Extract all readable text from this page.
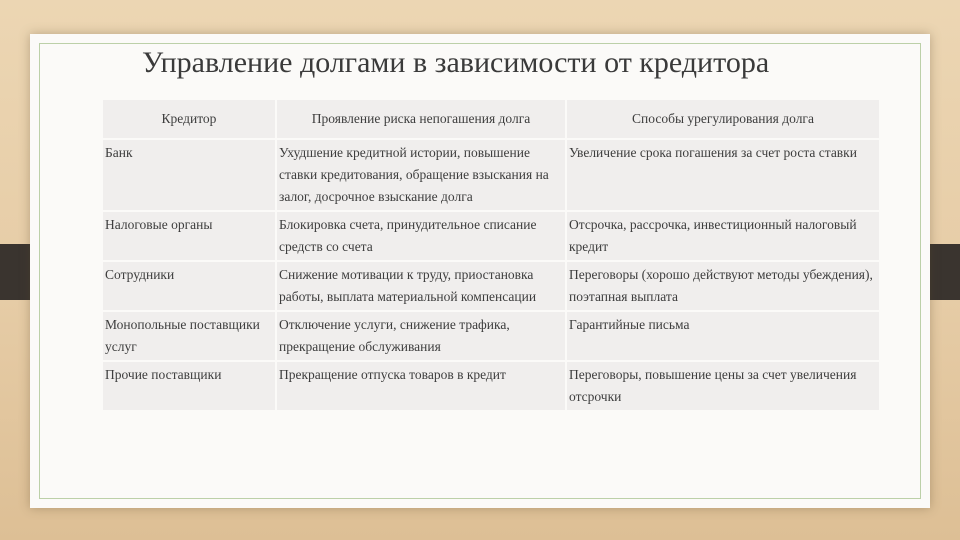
Управление долгами в зависимости от кредитора
Кредитор	Проявление риска непогашения долга	Способы урегулирования долга
Банк	Ухудшение кредитной истории, повышение ставки кредитования, обращение взыскания на залог, досрочное взыскание долга	Увеличение срока погашения за счет роста ставки
Налоговые органы	Блокировка счета, принудительное списание средств со счета	Отсрочка, рассрочка, инвестиционный налоговый кредит
Сотрудники	Снижение мотивации к труду, приостановка работы, выплата материальной компенсации	Переговоры (хорошо действуют методы убеждения), поэтапная выплата
Монопольные поставщики услуг	Отключение услуги, снижение трафика, прекращение обслуживания	Гарантийные письма
Прочие поставщики	Прекращение отпуска товаров в кредит	Переговоры, повышение цены за счет увеличения отсрочки
